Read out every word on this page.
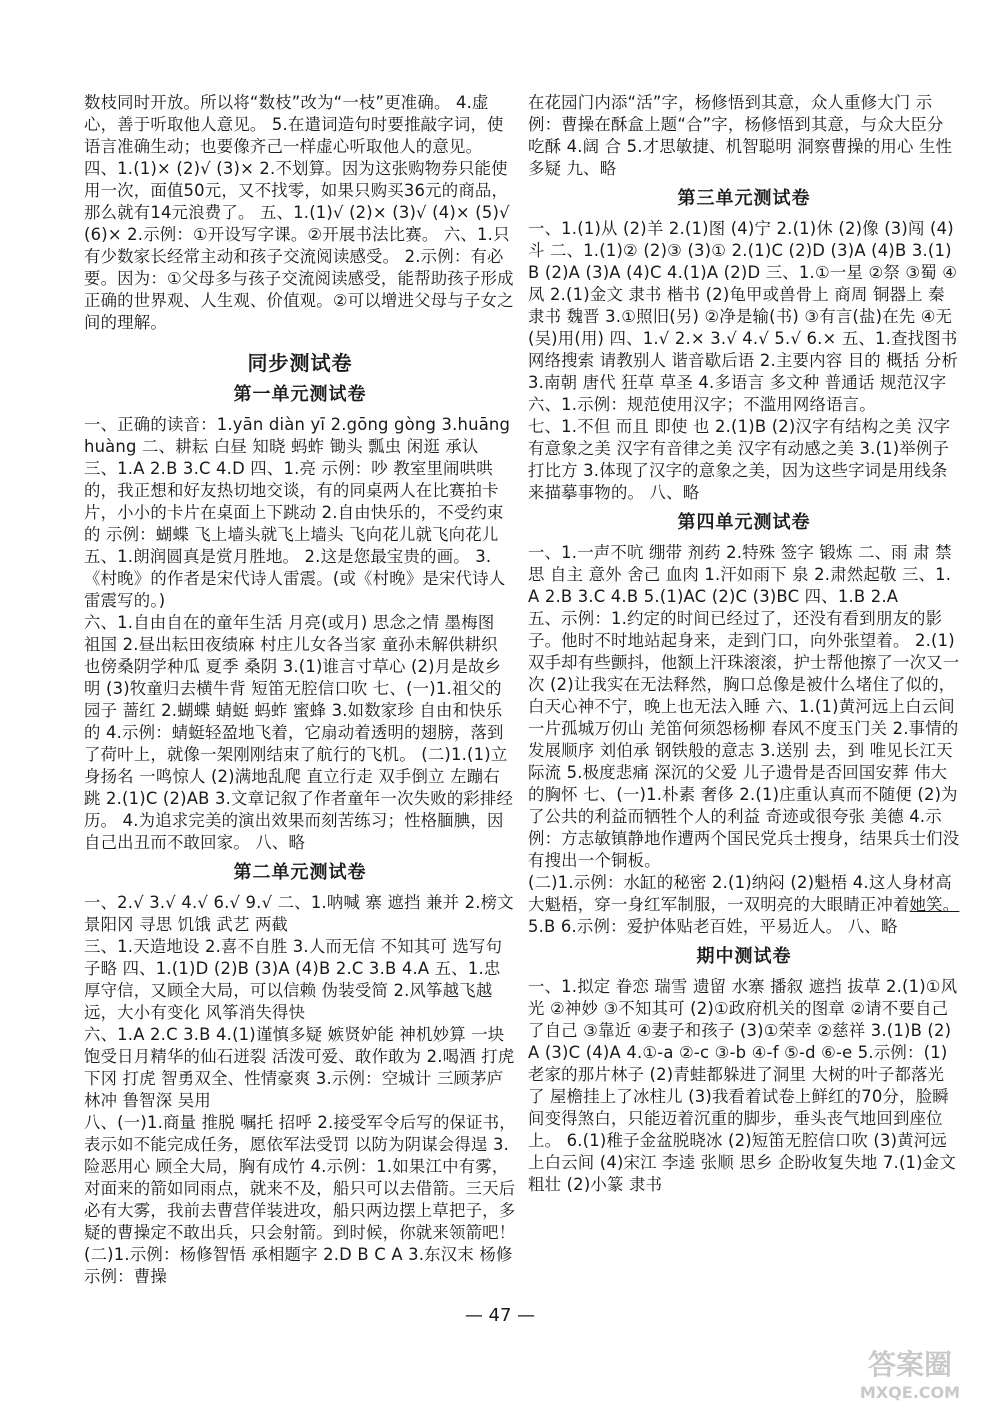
数枝同时开放。所以将“数枝”改为“一枝”更准确。 4.虚心，善于听取他人意见。 5.在遣词造句时要推敲字词，使语言准确生动；也要像齐己一样虚心听取他人的意见。
四、1.(1)× (2)√ (3)× 2.不划算。因为这张购物券只能使用一次，面值50元，又不找零，如果只购买36元的商品，那么就有14元浪费了。 五、1.(1)√ (2)× (3)√ (4)× (5)√ (6)× 2.示例：①开设写字课。②开展书法比赛。 六、1.只有少数家长经常主动和孩子交流阅读感受。 2.示例：有必要。因为：①父母多与孩子交流阅读感受，能帮助孩子形成正确的世界观、人生观、价值观。②可以增进父母与子女之间的理解。

同步测试卷
第一单元测试卷

一、正确的读音：1.yān diàn yī 2.gōng gòng 3.huāng huàng 二、耕耘 白昼 知晓 蚂蚱 锄头 瓢虫 闲逛 承认 三、1.A 2.B 3.C 4.D 四、1.亮 示例：吵 教室里闹哄哄的，我正想和好友热切地交谈，有的同桌两人在比赛拍卡片，小小的卡片在桌面上下跳动 2.自由快乐的，不受约束的 示例：蝴蝶 飞上墙头就飞上墙头 飞向花儿就飞向花儿 五、1.朗润圆真是赏月胜地。 2.这是您最宝贵的画。 3.《村晚》的作者是宋代诗人雷震。(或《村晚》是宋代诗人雷震写的。)
六、1.自由自在的童年生活 月亮(或月) 思念之情 墨梅图 祖国 2.昼出耘田夜绩麻 村庄儿女各当家 童孙未解供耕织 也傍桑阴学种瓜 夏季 桑阴 3.(1)谁言寸草心 (2)月是故乡明 (3)牧童归去横牛背 短笛无腔信口吹 七、(一)1.祖父的园子 蔷红 2.蝴蝶 蜻蜓 蚂蚱 蜜蜂 3.如数家珍 自由和快乐的 4.示例：蜻蜓轻盈地飞着，它扇动着透明的翅膀，落到了荷叶上，就像一架刚刚结束了航行的飞机。 (二)1.(1)立身扬名 一鸣惊人 (2)满地乱爬 直立行走 双手倒立 左蹦右跳 2.(1)C (2)AB 3.文章记叙了作者童年一次失败的彩排经历。 4.为追求完美的演出效果而刻苦练习；性格腼腆，因自己出丑而不敢回家。 八、略

第二单元测试卷

一、2.√ 3.√ 4.√ 6.√ 9.√ 二、1.呐喊 寨 遮挡 兼并 2.榜文 景阳冈 寻思 饥饿 武艺 两截
三、1.天造地设 2.喜不自胜 3.人而无信 不知其可 选写句子略 四、1.(1)D (2)B (3)A (4)B 2.C 3.B 4.A 五、1.忠厚守信，又顾全大局，可以信赖 伪装受简 2.风筝越飞越远，大小有变化 风筝消失得快
六、1.A 2.C 3.B 4.(1)谨慎多疑 嫉贤妒能 神机妙算 一块饱受日月精华的仙石迸裂 活泼可爱、敢作敢为 2.喝酒 打虎 下冈 打虎 智勇双全、性情豪爽 3.示例：空城计 三顾茅庐 林冲 鲁智深 吴用
八、(一)1.商量 推脱 嘱托 招呼 2.接受军令后写的保证书，表示如不能完成任务，愿依军法受罚 以防为阴谋会得逞 3.险恶用心 顾全大局，胸有成竹 4.示例：1.如果江中有雾，对面来的箭如同雨点，就来不及，船只可以去借箭。三天后必有大雾，我前去曹营佯装进攻，船只两边摆上草把子，多疑的曹操定不敢出兵，只会射箭。到时候，你就来领箭吧！ (二)1.示例：杨修智悟 承相题字 2.D B C A 3.东汉末 杨修 示例：曹操

在花园门内添“活”字，杨修悟到其意，众人重修大门 示例：曹操在酥盒上题“合”字，杨修悟到其意，与众大臣分吃酥 4.阔 合 5.才思敏捷、机智聪明 洞察曹操的用心 生性多疑 九、略

第三单元测试卷

一、1.(1)从 (2)羊 2.(1)图 (4)宁 2.(1)休 (2)像 (3)闯 (4)斗 二、1.(1)② (2)③ (3)① 2.(1)C (2)D (3)A (4)B 3.(1)B (2)A (3)A (4)C 4.(1)A (2)D 三、1.①一星 ②祭 ③蜀 ④凤 2.(1)金文 隶书 楷书 (2)龟甲或兽骨上 商周 铜器上 秦 隶书 魏晋 3.①照旧(另) ②净是输(书) ③有言(盐)在先 ④无(吴)用(用) 四、1.√ 2.× 3.√ 4.√ 5.√ 6.× 五、1.查找图书 网络搜索 请教别人 谐音歇后语 2.主要内容 目的 概括 分析 3.南朝 唐代 狂草 草圣 4.多语言 多文种 普通话 规范汉字 六、1.示例：规范使用汉字；不滥用网络语言。
七、1.不但 而且 即使 也 2.(1)B (2)汉字有结构之美 汉字有意象之美 汉字有音律之美 汉字有动感之美 3.(1)举例子 打比方 3.体现了汉字的意象之美，因为这些字词是用线条来描摹事物的。 八、略

第四单元测试卷

一、1.一声不吭 绷带 剂药 2.特殊 签字 锻炼 二、雨 肃 禁 思 自主 意外 舍己 血肉 1.汗如雨下 泉 2.肃然起敬 三、1.A 2.B 3.C 4.B 5.(1)AC (2)C (3)BC 四、1.B 2.A
五、示例：1.约定的时间已经过了，还没有看到朋友的影子。他时不时地站起身来，走到门口，向外张望着。 2.(1)双手却有些颤抖，他额上汗珠滚滚，护士帮他擦了一次又一次 (2)让我实在无法释然，胸口总像是被什么堵住了似的，白天心神不宁，晚上也无法入睡 六、1.(1)黄河远上白云间 一片孤城万仞山 羌笛何须怨杨柳 春风不度玉门关 2.事情的发展顺序 刘伯承 钢铁般的意志 3.送别 去，到 唯见长江天际流 5.极度悲痛 深沉的父爱 儿子遗骨是否回国安葬 伟大的胸怀 七、(一)1.朴素 奢侈 2.(1)庄重认真而不随便 (2)为了公共的利益而牺牲个人的利益 奇迹或很夸张 美德 4.示例：方志敏镇静地作遭两个国民党兵士搜身，结果兵士们没有搜出一个铜板。
(二)1.示例：水缸的秘密 2.(1)纳闷 (2)魁梧 4.这人身材高大魁梧，穿一身红军制服，一双明亮的大眼睛正冲着她笑。 5.B 6.示例：爱护体贴老百姓，平易近人。 八、略

期中测试卷

一、1.拟定 眷恋 瑞雪 遗留 水寨 播叙 遮挡 拔草 2.(1)①风光 ②神妙 ③不知其可 (2)①政府机关的图章 ②请不要自己了自己 ③靠近 ④妻子和孩子 (3)①荣幸 ②慈祥 3.(1)B (2)A (3)C (4)A 4.①-a ②-c ③-b ④-f ⑤-d ⑥-e 5.示例：(1)老家的那片林子 (2)青蛙都躲进了洞里 大树的叶子都落光了 屋檐挂上了冰柱儿 (3)我看着试卷上鲜红的70分，脸瞬间变得煞白，只能迈着沉重的脚步，垂头丧气地回到座位上。 6.(1)稚子金盆脱晓冰 (2)短笛无腔信口吹 (3)黄河远上白云间 (4)宋江 李逵 张顺 思乡 企盼收复失地 7.(1)金文 粗壮 (2)小篆 隶书

— 47 —
答案圈
MXQE.COM
